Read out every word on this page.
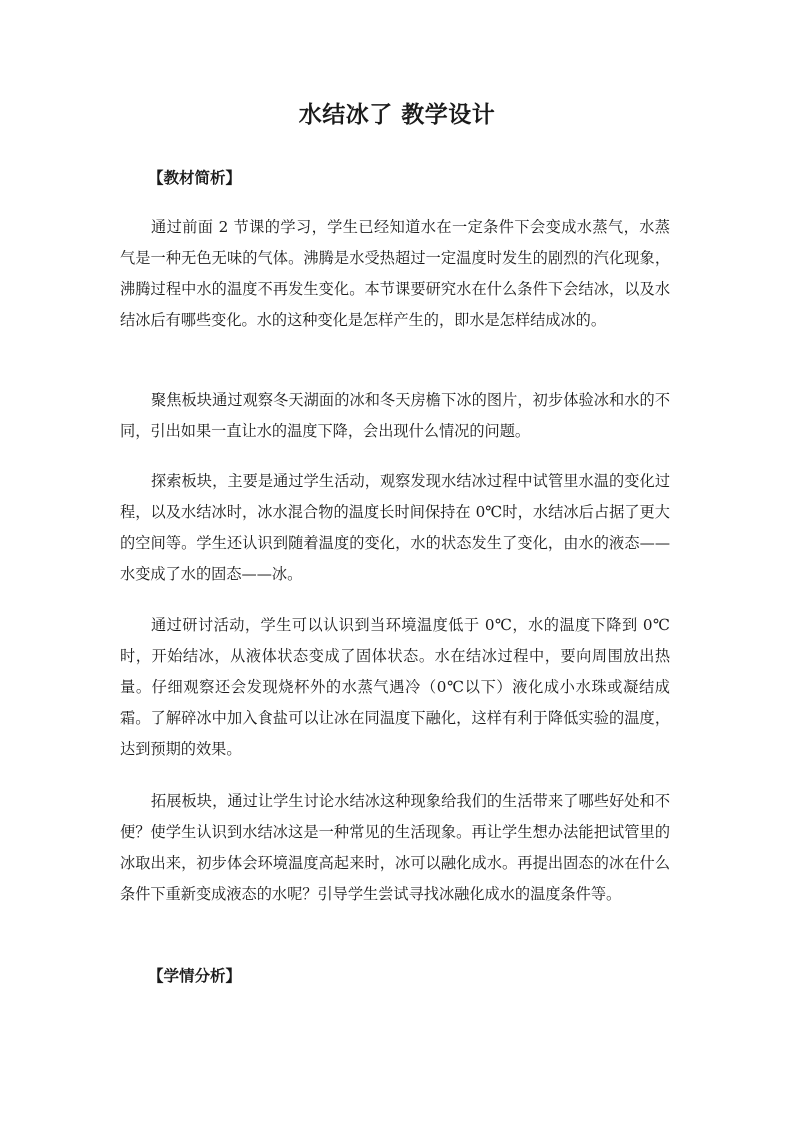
水结冰了 教学设计
【教材简析】

通过前面 2 节课的学习，学生已经知道水在一定条件下会变成水蒸气，水蒸气是一种无色无味的气体。沸腾是水受热超过一定温度时发生的剧烈的汽化现象， 沸腾过程中水的温度不再发生变化。本节课要研究水在什么条件下会结冰，以及水结冰后有哪些变化。水的这种变化是怎样产生的，即水是怎样结成冰的。

聚焦板块通过观察冬天湖面的冰和冬天房檐下冰的图片，初步体验冰和水的不同，引出如果一直让水的温度下降，会出现什么情况的问题。

探索板块，主要是通过学生活动，观察发现水结冰过程中试管里水温的变化过程，以及水结冰时，冰水混合物的温度长时间保持在 0℃时，水结冰后占据了更大的空间等。学生还认识到随着温度的变化，水的状态发生了变化，由水的液态——水变成了水的固态——冰。

通过研讨活动，学生可以认识到当环境温度低于 0℃，水的温度下降到 0℃时，开始结冰，从液体状态变成了固体状态。水在结冰过程中，要向周围放出热量。仔细观察还会发现烧杯外的水蒸气遇冷（0℃以下）液化成小水珠或凝结成霜。了解碎冰中加入食盐可以让冰在同温度下融化，这样有利于降低实验的温度，达到预期的效果。

拓展板块，通过让学生讨论水结冰这种现象给我们的生活带来了哪些好处和不便？使学生认识到水结冰这是一种常见的生活现象。再让学生想办法能把试管里的冰取出来，初步体会环境温度高起来时，冰可以融化成水。再提出固态的冰在什么条件下重新变成液态的水呢？引导学生尝试寻找冰融化成水的温度条件等。

【学情分析】
